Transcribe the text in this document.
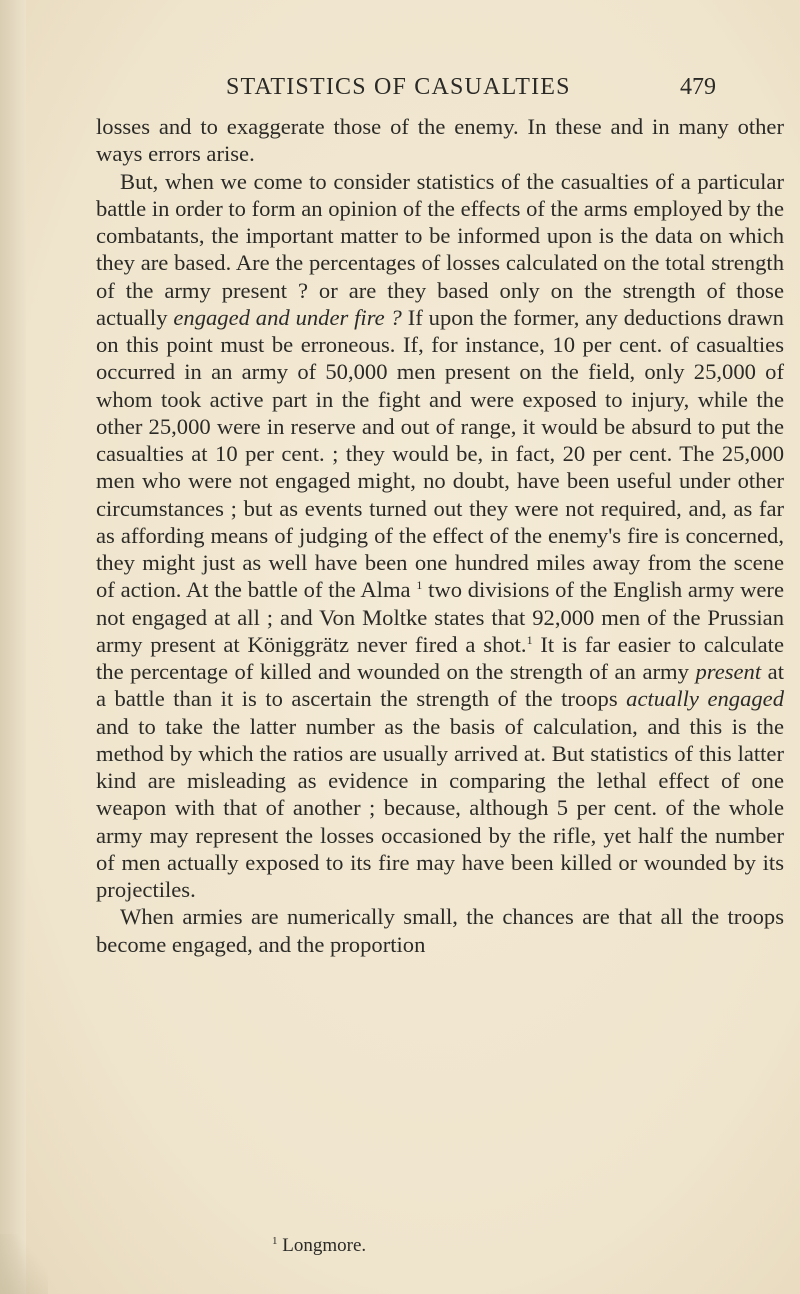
STATISTICS OF CASUALTIES	479

losses and to exaggerate those of the enemy. In these and in many other ways errors arise.

But, when we come to consider statistics of the casualties of a particular battle in order to form an opinion of the effects of the arms employed by the combatants, the important matter to be informed upon is the data on which they are based. Are the percentages of losses calculated on the total strength of the army present ? or are they based only on the strength of those actually engaged and under fire ? If upon the former, any deductions drawn on this point must be erroneous. If, for instance, 10 per cent. of casualties occurred in an army of 50,000 men present on the field, only 25,000 of whom took active part in the fight and were exposed to injury, while the other 25,000 were in reserve and out of range, it would be absurd to put the casualties at 10 per cent. ; they would be, in fact, 20 per cent. The 25,000 men who were not engaged might, no doubt, have been useful under other circumstances ; but as events turned out they were not required, and, as far as affording means of judging of the effect of the enemy's fire is concerned, they might just as well have been one hundred miles away from the scene of action. At the battle of the Alma $^1$ two divisions of the English army were not engaged at all ; and Von Moltke states that 92,000 men of the Prussian army present at Königgrätz never fired a shot.$^1$ It is far easier to calculate the percentage of killed and wounded on the strength of an army present at a battle than it is to ascertain the strength of the troops actually engaged and to take the latter number as the basis of calculation, and this is the method by which the ratios are usually arrived at. But statistics of this latter kind are misleading as evidence in comparing the lethal effect of one weapon with that of another ; because, although 5 per cent. of the whole army may represent the losses occasioned by the rifle, yet half the number of men actually exposed to its fire may have been killed or wounded by its projectiles.

When armies are numerically small, the chances are that all the troops become engaged, and the proportion

$^1$ Longmore.
